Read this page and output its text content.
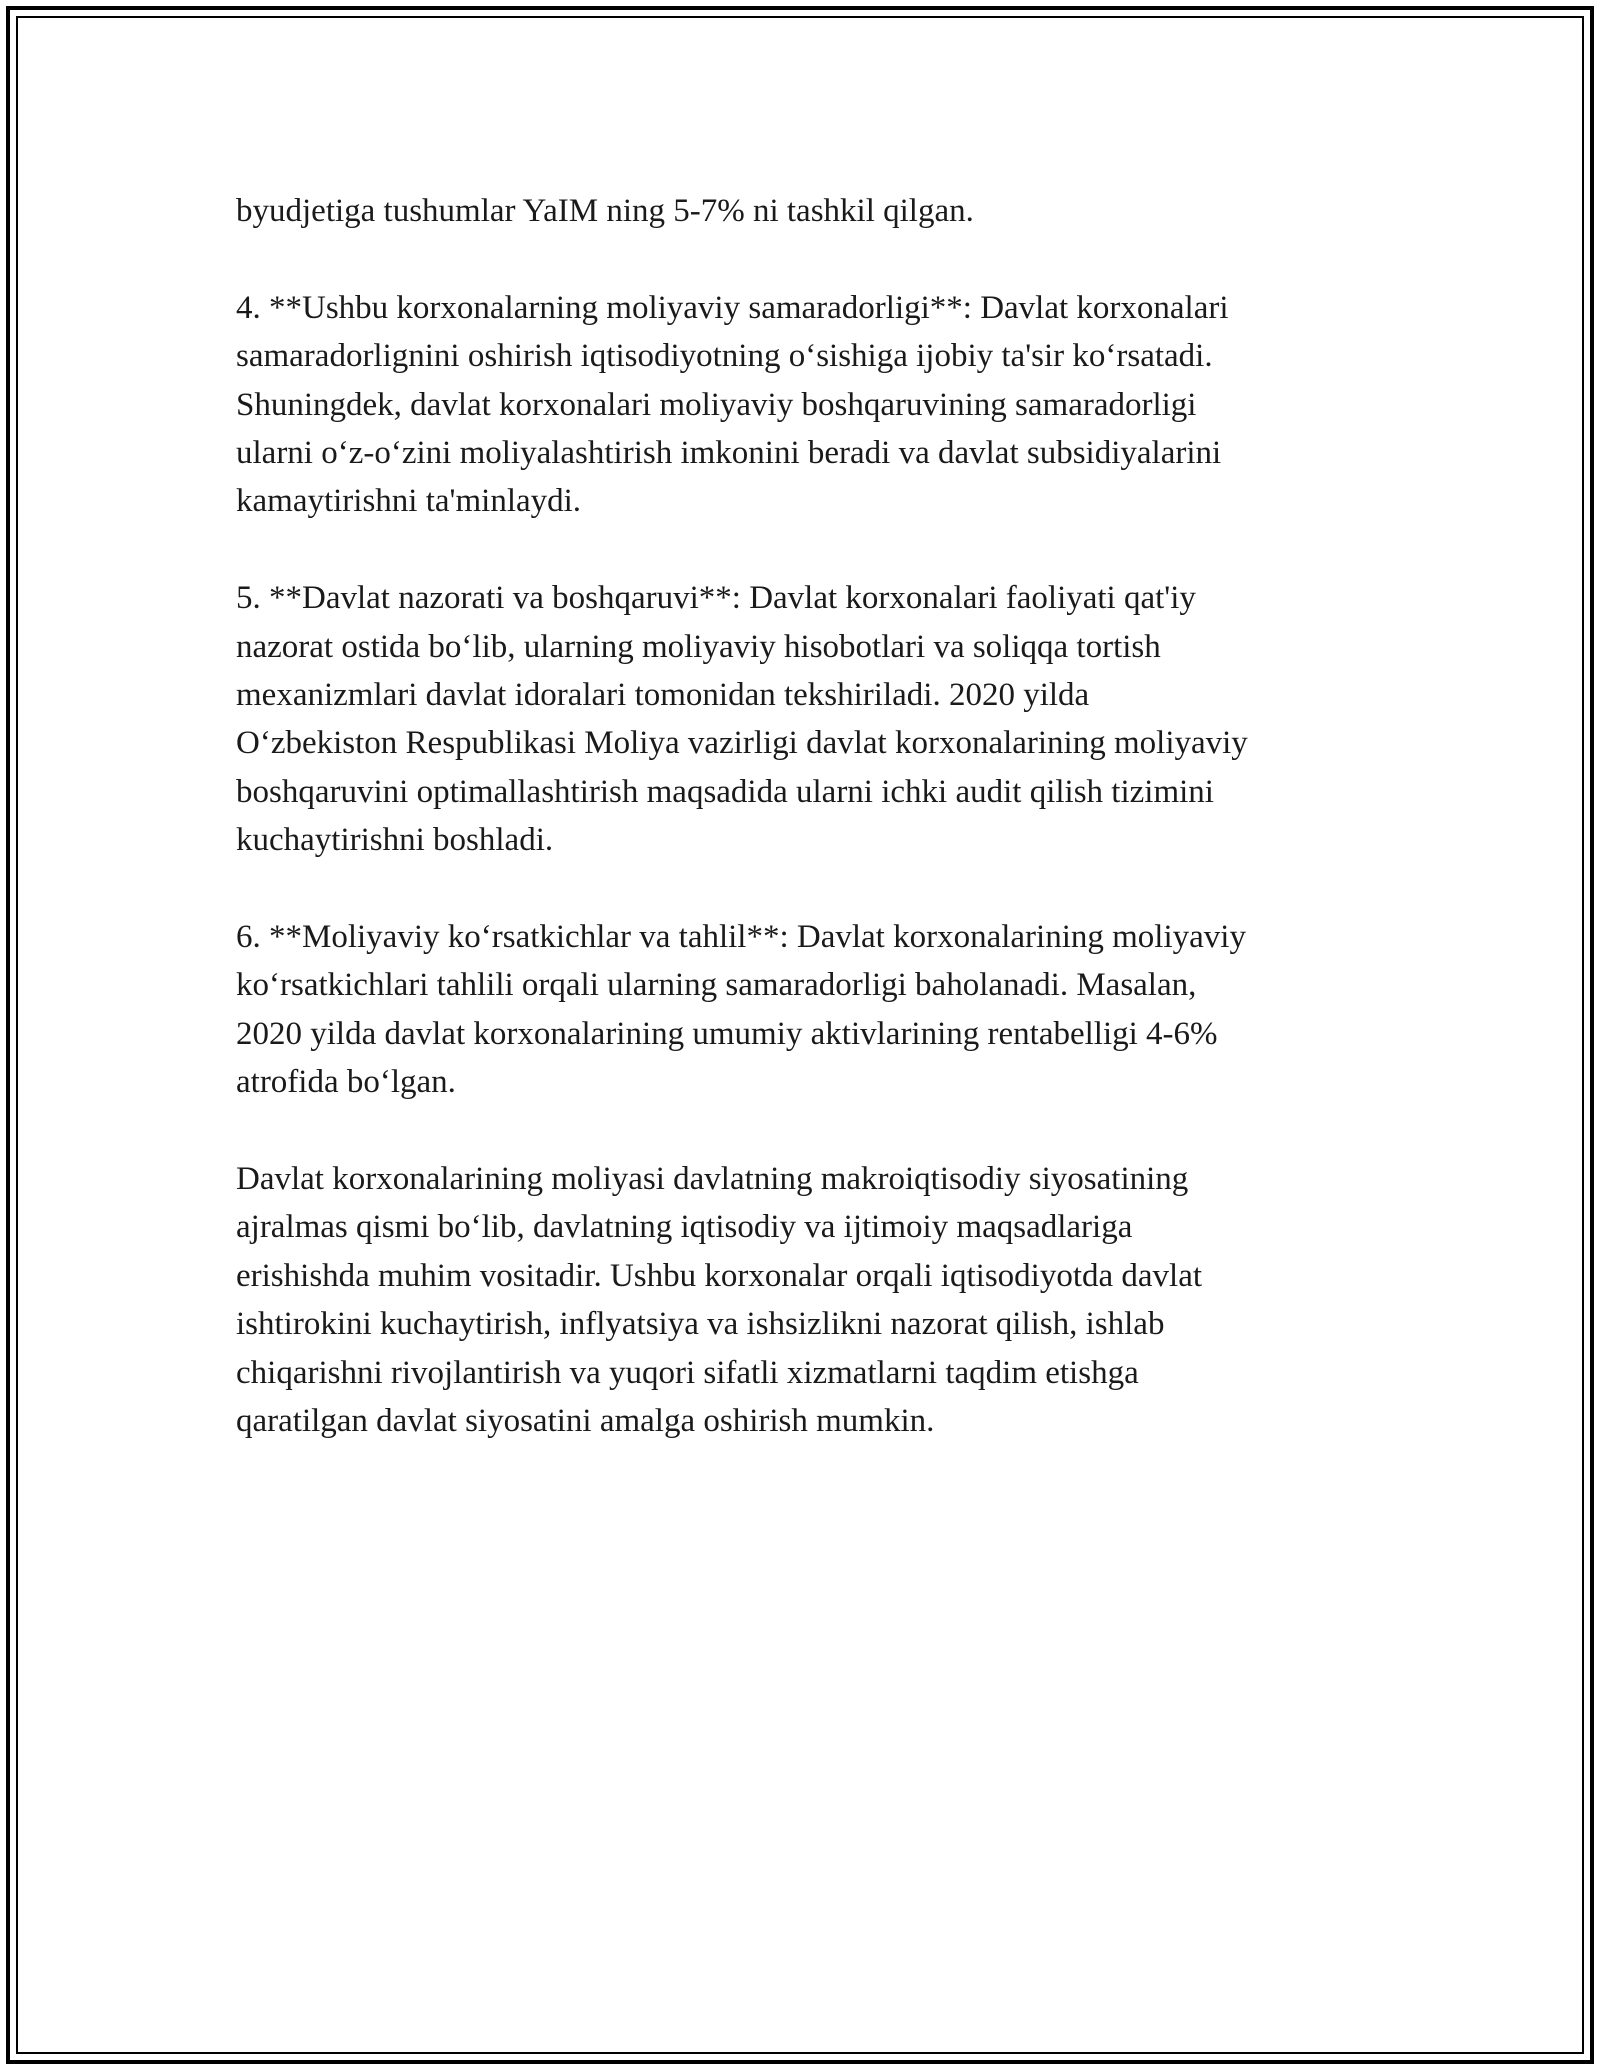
byudjetiga tushumlar YaIM ning 5-7% ni tashkil qilgan.
4. **Ushbu korxonalarning moliyaviy samaradorligi**: Davlat korxonalari
samaradorlignini oshirish iqtisodiyotning o‘sishiga ijobiy ta'sir ko‘rsatadi.
Shuningdek, davlat korxonalari moliyaviy boshqaruvining samaradorligi
ularni o‘z-o‘zini moliyalashtirish imkonini beradi va davlat subsidiyalarini
kamaytirishni ta'minlaydi.
5. **Davlat nazorati va boshqaruvi**: Davlat korxonalari faoliyati qat'iy
nazorat ostida bo‘lib, ularning moliyaviy hisobotlari va soliqqa tortish
mexanizmlari davlat idoralari tomonidan tekshiriladi. 2020 yilda
O‘zbekiston Respublikasi Moliya vazirligi davlat korxonalarining moliyaviy
boshqaruvini optimallashtirish maqsadida ularni ichki audit qilish tizimini
kuchaytirishni boshladi.
6. **Moliyaviy ko‘rsatkichlar va tahlil**: Davlat korxonalarining moliyaviy
ko‘rsatkichlari tahlili orqali ularning samaradorligi baholanadi. Masalan,
2020 yilda davlat korxonalarining umumiy aktivlarining rentabelligi 4-6%
atrofida bo‘lgan.
Davlat korxonalarining moliyasi davlatning makroiqtisodiy siyosatining
ajralmas qismi bo‘lib, davlatning iqtisodiy va ijtimoiy maqsadlariga
erishishda muhim vositadir. Ushbu korxonalar orqali iqtisodiyotda davlat
ishtirokini kuchaytirish, inflyatsiya va ishsizlikni nazorat qilish, ishlab
chiqarishni rivojlantirish va yuqori sifatli xizmatlarni taqdim etishga
qaratilgan davlat siyosatini amalga oshirish mumkin.
